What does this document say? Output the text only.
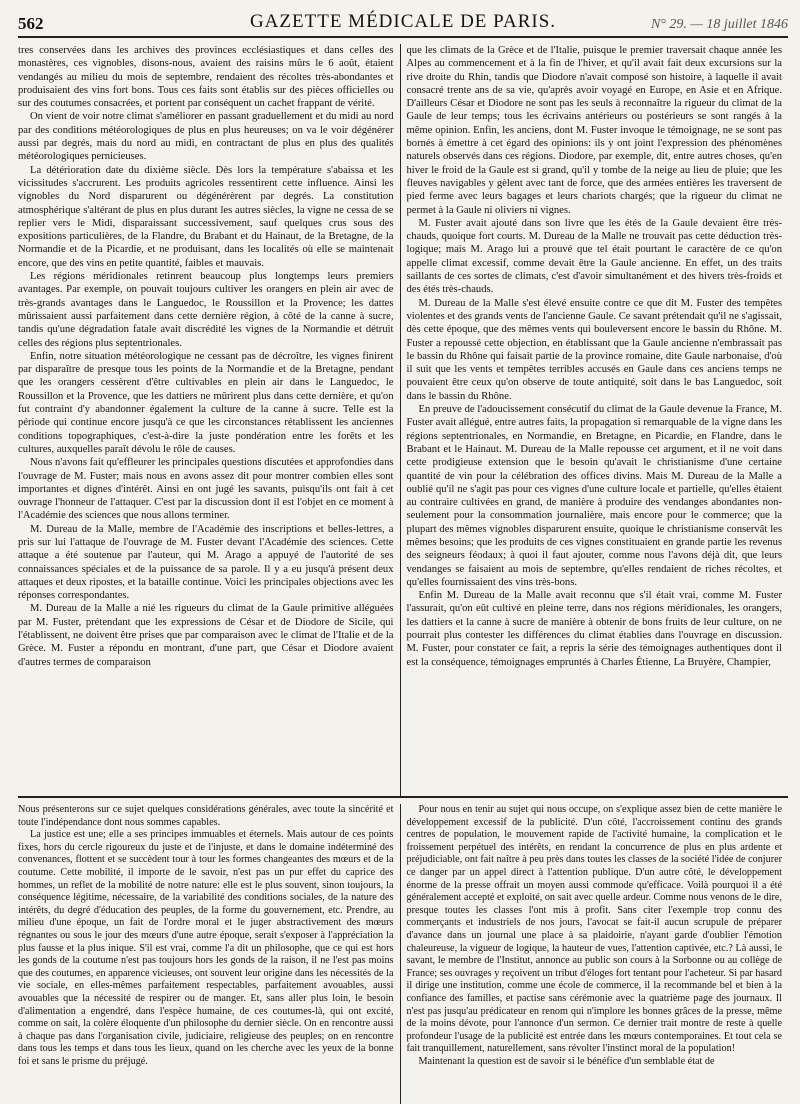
562	GAZETTE MÉDICALE DE PARIS.	N° 29. — 18 juillet 1846

tres conservées dans les archives des provinces ecclésiastiques et dans celles des monastères, ces vignobles, disons-nous, avaient des raisins mûrs le 6 août, étaient vendangés au milieu du mois de septembre, rendaient des récoltes très-abondantes et produisaient des vins fort bons. Tous ces faits sont établis sur des pièces officielles ou sur des coutumes consacrées, et portent par conséquent un cachet frappant de vérité.

On vient de voir notre climat s'améliorer en passant graduellement et du midi au nord par des conditions météorologiques de plus en plus heureuses; on va le voir dégénérer aussi par degrés, mais du nord au midi, en contractant de plus en plus des qualités météorologiques pernicieuses.

La détérioration date du dixième siècle. Dès lors la température s'abaissa et les vicissitudes s'accrurent. Les produits agricoles ressentirent cette influence. Ainsi les vignobles du Nord disparurent ou dégénérèrent par degrés. La constitution atmosphérique s'altérant de plus en plus durant les autres siècles, la vigne ne cessa de se replier vers le Midi, disparaissant successivement, sauf quelques crus sous des expositions particulières, de la Flandre, du Brabant et du Hainaut, de la Bretagne, de la Normandie et de la Picardie, et ne produisant, dans les localités où elle se maintenait encore, que des vins en petite quantité, faibles et mauvais.

Les régions méridionales retinrent beaucoup plus longtemps leurs premiers avantages. Par exemple, on pouvait toujours cultiver les orangers en plein air avec de très-grands avantages dans le Languedoc, le Roussillon et la Provence; les dattes mûrissaient aussi parfaitement dans cette dernière région, à côté de la canne à sucre, tandis qu'une dégradation fatale avait discrédité les vignes de la Normandie et détruit celles des régions plus septentrionales.

Enfin, notre situation météorologique ne cessant pas de décroître, les vignes finirent par disparaître de presque tous les points de la Normandie et de la Bretagne, pendant que les orangers cessèrent d'être cultivables en plein air dans le Languedoc, le Roussillon et la Provence, que les dattiers ne mûrirent plus dans cette dernière, et qu'on fut contraint d'y abandonner également la culture de la canne à sucre. Telle est la période qui continue encore jusqu'à ce que les circonstances rétablissent les anciennes conditions topographiques, c'est-à-dire la juste pondération entre les forêts et les cultures, auxquelles paraît dévolu le rôle de causes.

Nous n'avons fait qu'effleurer les principales questions discutées et approfondies dans l'ouvrage de M. Fuster; mais nous en avons assez dit pour montrer combien elles sont importantes et dignes d'intérêt. Ainsi en ont jugé les savants, puisqu'ils ont fait à cet ouvrage l'honneur de l'attaquer. C'est par la discussion dont il est l'objet en ce moment à l'Académie des sciences que nous allons terminer.

M. Dureau de la Malle, membre de l'Académie des inscriptions et belles-lettres, a pris sur lui l'attaque de l'ouvrage de M. Fuster devant l'Académie des sciences. Cette attaque a été soutenue par l'auteur, qui M. Arago a appuyé de l'autorité de ses connaissances spéciales et de la puissance de sa parole. Il y a eu jusqu'à présent deux attaques et deux ripostes, et la bataille continue. Voici les principales objections avec les réponses correspondantes.

M. Dureau de la Malle a nié les rigueurs du climat de la Gaule primitive alléguées par M. Fuster, prétendant que les expressions de César et de Diodore de Sicile, qui l'établissent, ne doivent être prises que par comparaison avec le climat de l'Italie et de la Grèce. M. Fuster a répondu en montrant, d'une part, que César et Diodore avaient d'autres termes de comparaison

que les climats de la Grèce et de l'Italie, puisque le premier traversait chaque année les Alpes au commencement et à la fin de l'hiver, et qu'il avait fait deux excursions sur la rive droite du Rhin, tandis que Diodore n'avait composé son histoire, à laquelle il avait consacré trente ans de sa vie, qu'après avoir voyagé en Europe, en Asie et en Afrique. D'ailleurs César et Diodore ne sont pas les seuls à reconnaître la rigueur du climat de la Gaule de leur temps; tous les écrivains antérieurs ou postérieurs se sont rangés à la même opinion. Enfin, les anciens, dont M. Fuster invoque le témoignage, ne se sont pas bornés à émettre à cet égard des opinions: ils y ont joint l'expression des phénomènes naturels observés dans ces régions. Diodore, par exemple, dit, entre autres choses, qu'en hiver le froid de la Gaule est si grand, qu'il y tombe de la neige au lieu de pluie; que les fleuves navigables y gèlent avec tant de force, que des armées entières les traversent de pied ferme avec leurs bagages et leurs chariots chargés; que la rigueur du climat ne permet à la Gaule ni oliviers ni vignes.

M. Fuster avait ajouté dans son livre que les étés de la Gaule devaient être très-chauds, quoique fort courts. M. Dureau de la Malle ne trouvait pas cette déduction très-logique; mais M. Arago lui a prouvé que tel était pourtant le caractère de ce qu'on appelle climat excessif, comme devait être la Gaule ancienne. En effet, un des traits saillants de ces sortes de climats, c'est d'avoir simultanément et des hivers très-froids et des étés très-chauds.

M. Dureau de la Malle s'est élevé ensuite contre ce que dit M. Fuster des tempêtes violentes et des grands vents de l'ancienne Gaule. Ce savant prétendait qu'il ne s'agissait, dès cette époque, que des mêmes vents qui bouleversent encore le bassin du Rhône. M. Fuster a repoussé cette objection, en établissant que la Gaule ancienne n'embrassait pas le bassin du Rhône qui faisait partie de la province romaine, dite Gaule narbonaise, d'où il suit que les vents et tempêtes terribles accusés en Gaule dans ces anciens temps ne pouvaient être ceux qu'on observe de toute antiquité, soit dans le bas Languedoc, soit dans le bassin du Rhône.

En preuve de l'adoucissement consécutif du climat de la Gaule devenue la France, M. Fuster avait allégué, entre autres faits, la propagation si remarquable de la vigne dans les régions septentrionales, en Normandie, en Bretagne, en Picardie, en Flandre, dans le Brabant et le Hainaut. M. Dureau de la Malle repousse cet argument, et il ne voit dans cette prodigieuse extension que le besoin qu'avait le christianisme d'une certaine quantité de vin pour la célébration des offices divins. Mais M. Dureau de la Malle a oublié qu'il ne s'agit pas pour ces vignes d'une culture locale et partielle, qu'elles étaient au contraire cultivées en grand, de manière à produire des vendanges abondantes non-seulement pour la consommation journalière, mais encore pour le commerce; que la plupart des mêmes vignobles disparurent ensuite, quoique le christianisme conservât les mêmes besoins; que les produits de ces vignes constituaient en grande partie les revenus des seigneurs féodaux; à quoi il faut ajouter, comme nous l'avons déjà dit, que leurs vendanges se faisaient au mois de septembre, qu'elles rendaient de riches récoltes, et qu'elles fournissaient des vins très-bons.

Enfin M. Dureau de la Malle avait reconnu que s'il était vrai, comme M. Fuster l'assurait, qu'on eût cultivé en pleine terre, dans nos régions méridionales, les orangers, les dattiers et la canne à sucre de manière à obtenir de bons fruits de leur culture, on ne pourrait plus contester les différences du climat établies dans l'ouvrage en discussion. M. Fuster, pour constater ce fait, a repris la série des témoignages authentiques dont il est la conséquence, témoignages empruntés à Charles Étienne, La Bruyère, Champier,

Nous présenterons sur ce sujet quelques considérations générales, avec toute la sincérité et toute l'indépendance dont nous sommes capables.

La justice est une; elle a ses principes immuables et éternels. Mais autour de ces points fixes, hors du cercle rigoureux du juste et de l'injuste, et dans le domaine indéterminé des convenances, flottent et se succèdent tour à tour les formes changeantes des mœurs et de la coutume. Cette mobilité, il importe de le savoir, n'est pas un pur effet du caprice des hommes, un reflet de la mobilité de notre nature: elle est le plus souvent, sinon toujours, la conséquence légitime, nécessaire, de la variabilité des conditions sociales, de la nature des intérêts, du degré d'éducation des peuples, de la forme du gouvernement, etc. Prendre, au milieu d'une époque, un fait de l'ordre moral et le juger abstractivement des mœurs régnantes ou sous le jour des mœurs d'une autre époque, serait s'exposer à l'appréciation la plus fausse et la plus inique. S'il est vrai, comme l'a dit un philosophe, que ce qui est hors les gonds de la coutume n'est pas toujours hors les gonds de la raison, il ne l'est pas moins que des coutumes, en apparence vicieuses, ont souvent leur origine dans les nécessités de la vie sociale, en elles-mêmes parfaitement respectables, parfaitement avouables, aussi avouables que la nécessité de respirer ou de manger. Et, sans aller plus loin, le besoin d'alimentation a engendré, dans l'espèce humaine, de ces coutumes-là, qui ont excité, comme on sait, la colère éloquente d'un philosophe du dernier siècle. On en rencontre aussi à chaque pas dans l'organisation civile, judiciaire, religieuse des peuples; on en rencontre dans tous les temps et dans tous les lieux, quand on les cherche avec les yeux de la bonne foi et sans le prisme du préjugé.

Pour nous en tenir au sujet qui nous occupe, on s'explique assez bien de cette manière le développement excessif de la publicité. D'un côté, l'accroissement continu des grands centres de population, le mouvement rapide de l'activité humaine, la complication et le froissement perpétuel des intérêts, en rendant la concurrence de plus en plus ardente et préjudiciable, ont fait naître à peu près dans toutes les classes de la société l'idée de conjurer ce danger par un appel direct à l'attention publique. D'un autre côté, le développement énorme de la presse offrait un moyen aussi commode qu'efficace. Voilà pourquoi il a été généralement accepté et exploité, on sait avec quelle ardeur. Comme nous venons de le dire, presque toutes les classes l'ont mis à profit. Sans citer l'exemple trop connu des commerçants et industriels de nos jours, l'avocat se fait-il aucun scrupule de préparer d'avance dans un journal une place à sa plaidoirie, n'ayant garde d'oublier l'émotion chaleureuse, la vigueur de logique, la hauteur de vues, l'attention captivée, etc.? Là aussi, le savant, le membre de l'Institut, annonce au public son cours à la Sorbonne ou au collège de France; ses ouvrages y reçoivent un tribut d'éloges fort tentant pour l'acheteur. Si par hasard il dirige une institution, comme une école de commerce, il la recommande bel et bien à la confiance des familles, et pactise sans cérémonie avec la quatrième page des journaux. Il n'est pas jusqu'au prédicateur en renom qui n'implore les bonnes grâces de la presse, même de la moins dévote, pour l'annonce d'un sermon. Ce dernier trait montre de reste à quelle profondeur l'usage de la publicité est entrée dans les mœurs contemporaines. Et tout cela se fait tranquillement, naturellement, sans révolter l'instinct moral de la population!

Maintenant la question est de savoir si le bénéfice d'un semblable état de
